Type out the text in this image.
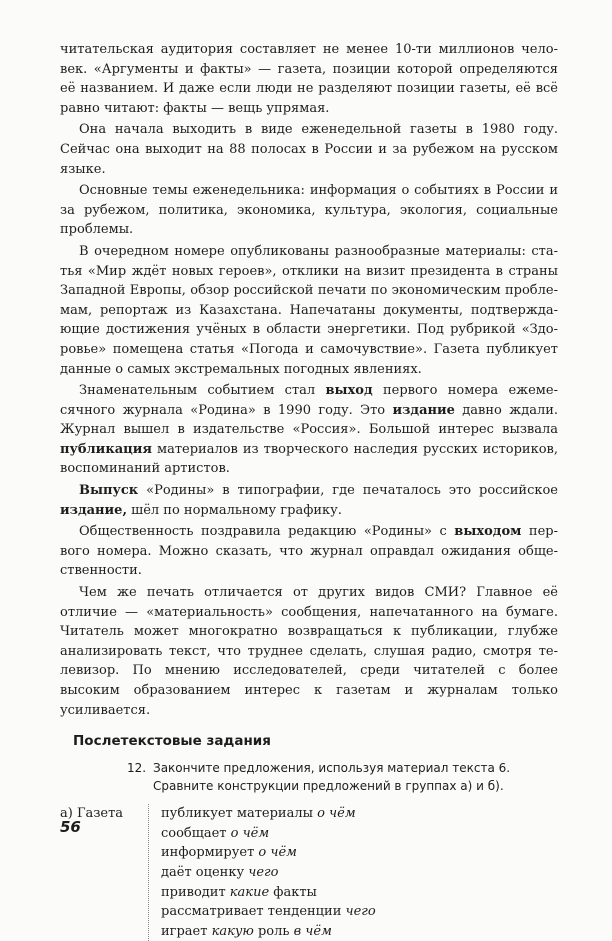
читательская аудитория составляет не менее 10-ти миллионов человек. «Аргументы и факты» — газета, позиции которой определяются её названием. И даже если люди не разделяют позиции газеты, её всё равно читают: факты — вещь упрямая.

Она начала выходить в виде еженедельной газеты в 1980 году. Сейчас она выходит на 88 полосах в России и за рубежом на русском языке.

Основные темы еженедельника: информация о событиях в России и за рубежом, политика, экономика, культура, экология, социальные проблемы.

В очередном номере опубликованы разнообразные материалы: статья «Мир ждёт новых героев», отклики на визит президента в страны Западной Европы, обзор российской печати по экономическим проблемам, репортаж из Казахстана. Напечатаны документы, подтверждающие достижения учёных в области энергетики. Под рубрикой «Здоровье» помещена статья «Погода и самочувствие». Газета публикует данные о самых экстремальных погодных явлениях.

Знаменательным событием стал выход первого номера ежемесячного журнала «Родина» в 1990 году. Это издание давно ждали. Журнал вышел в издательстве «Россия». Большой интерес вызвала публикация материалов из творческого наследия русских историков, воспоминаний артистов.

Выпуск «Родины» в типографии, где печаталось это российское издание, шёл по нормальному графику.

Общественность поздравила редакцию «Родины» с выходом первого номера. Можно сказать, что журнал оправдал ожидания общественности.

Чем же печать отличается от других видов СМИ? Главное её отличие — «материальность» сообщения, напечатанного на бумаге. Читатель может многократно возвращаться к публикации, глубже анализировать текст, что труднее сделать, слушая радио, смотря телевизор. По мнению исследователей, среди читателей с более высоким образованием интерес к газетам и журналам только усиливается.

Послетекстовые задания
12. Закончите предложения, используя материал текста 6. Сравните конструкции предложений в группах а) и б).
а) Газета	публикует материалы о чём
сообщает о чём
информирует о чём
даёт оценку чего
приводит какие факты
рассматривает тенденции чего
играет какую роль в чём
56
